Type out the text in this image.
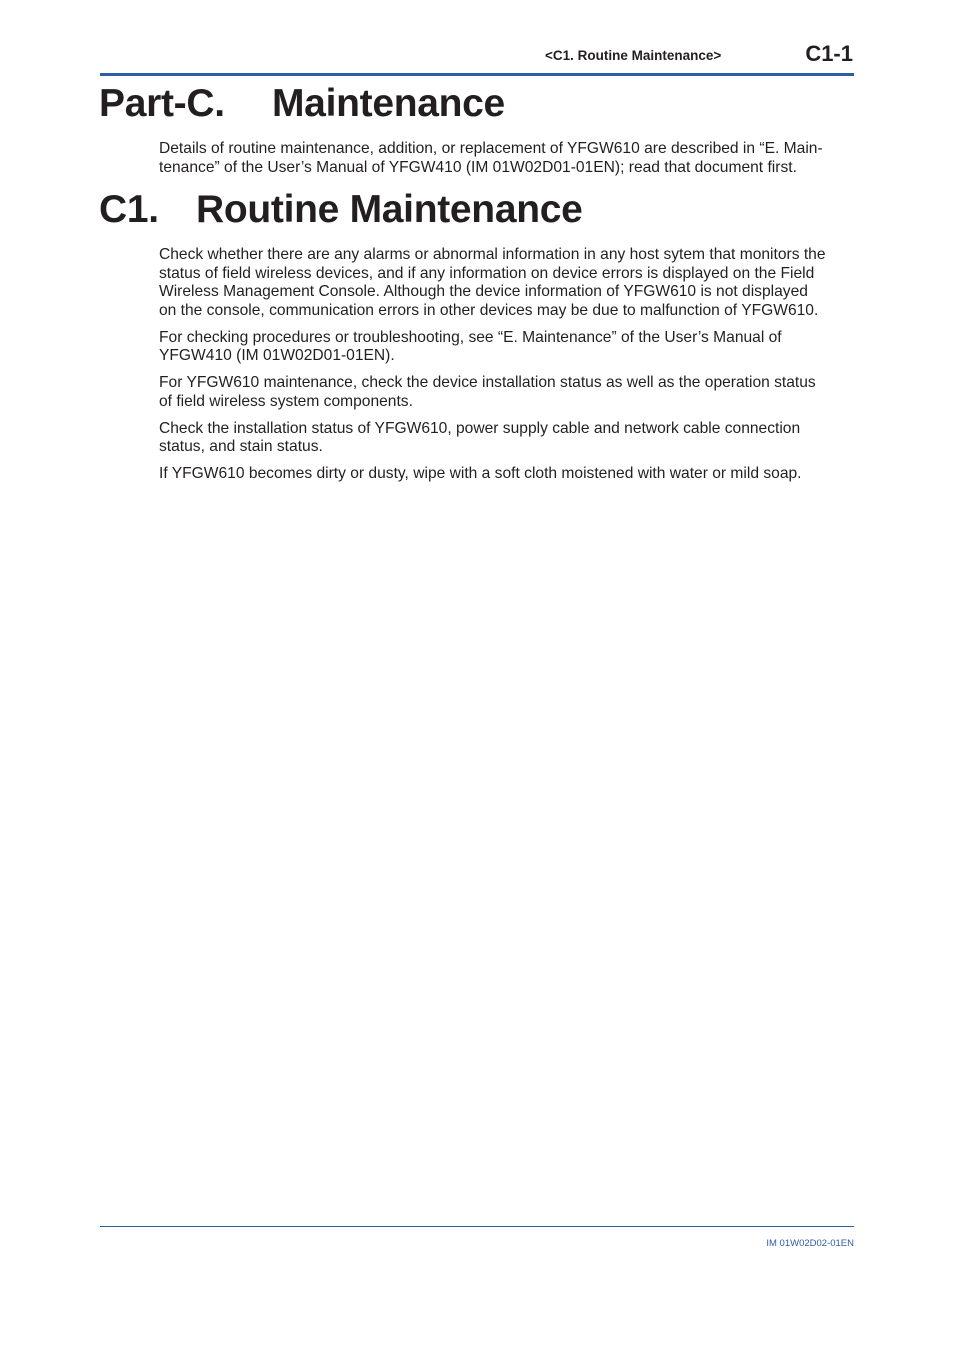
<C1. Routine Maintenance>	C1-1
Part-C. Maintenance

Details of routine maintenance, addition, or replacement of YFGW610 are described in “E. Main-
tenance” of the User’s Manual of YFGW410 (IM 01W02D01-01EN); read that document first.

C1. Routine Maintenance

Check whether there are any alarms or abnormal information in any host sytem that monitors the
status of field wireless devices, and if any information on device errors is displayed on the Field
Wireless Management Console. Although the device information of YFGW610 is not displayed
on the console, communication errors in other devices may be due to malfunction of YFGW610.

For checking procedures or troubleshooting, see “E. Maintenance” of the User’s Manual of
YFGW410 (IM 01W02D01-01EN).

For YFGW610 maintenance, check the device installation status as well as the operation status
of field wireless system components.

Check the installation status of YFGW610, power supply cable and network cable connection
status, and stain status.

If YFGW610 becomes dirty or dusty, wipe with a soft cloth moistened with water or mild soap.

IM 01W02D02-01EN
